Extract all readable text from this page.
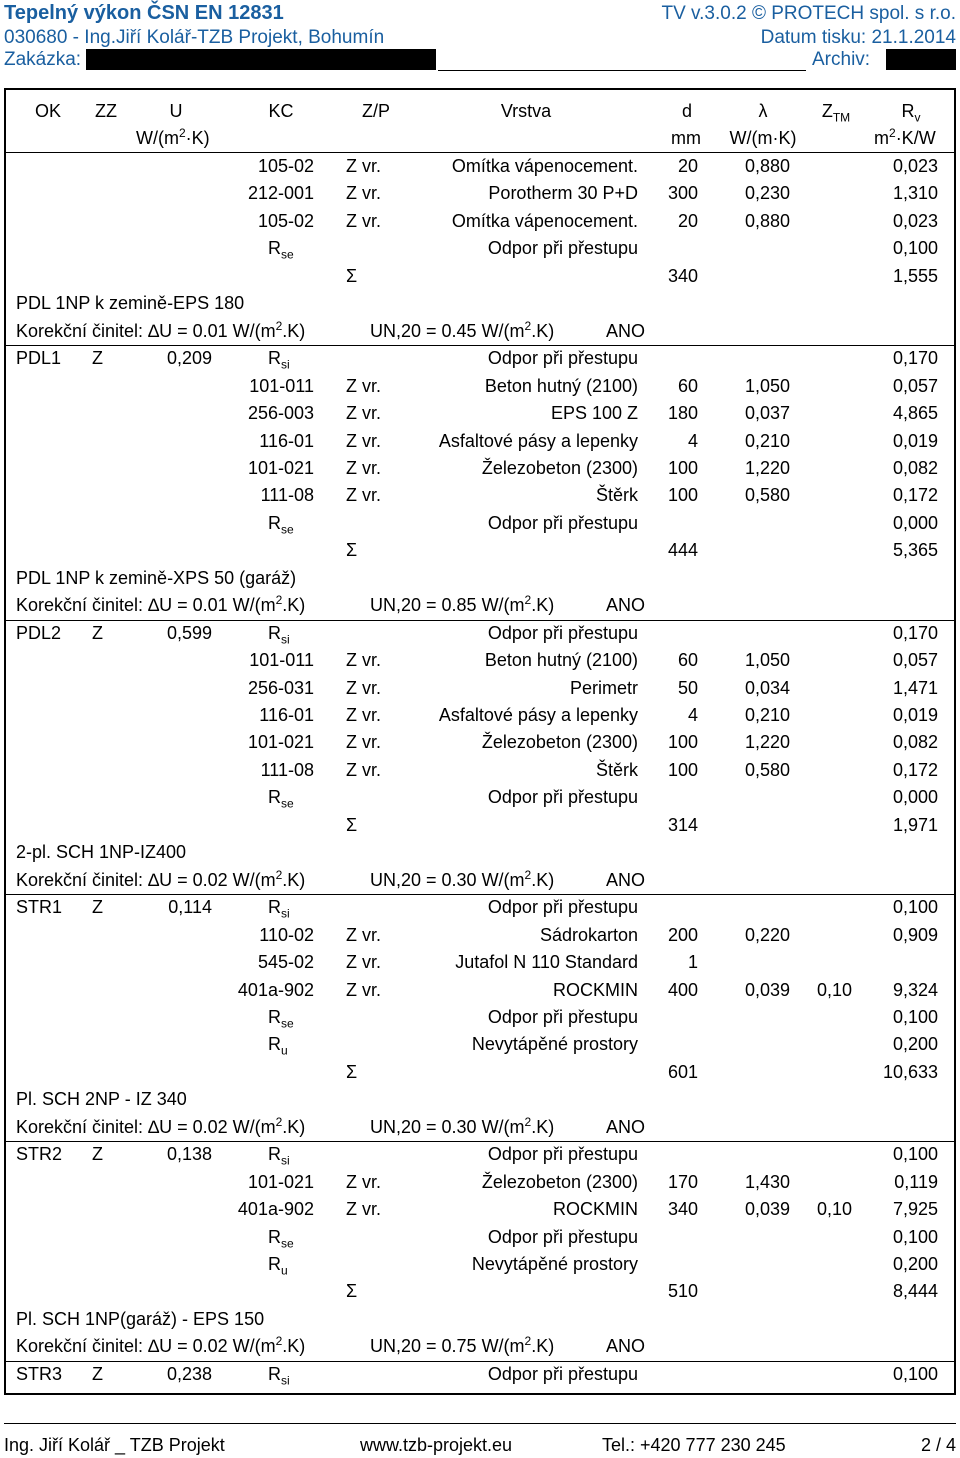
Tepelný výkon ČSN EN 12831	TV v.3.0.2 © PROTECH spol. s r.o.
030680 - Ing.Jiří Kolář-TZB Projekt, Bohumín	Datum tisku: 21.1.2014
Zakázka:	Archiv:
OK	ZZ	U	KC	Z/P	Vrstva	d	λ	$Z_{TM}$	$R_v$
$W/(m^2\cdot K)$	mm	W/(m·K)	$m^2\cdot K/W$
105-02 Z vr.	Omítka vápenocement.	20	0,880	0,023
212-001 Z vr.	Porotherm 30 P+D	300	0,230	1,310
105-02 Z vr.	Omítka vápenocement.	20	0,880	0,023
$R_{se}$	Odpor při přestupu	0,100
Σ	340	1,555
PDL 1NP k zemině-EPS 180
Korekční činitel: ∆U = 0.01 $W/(m^2.K)$	UN,20 = 0.45 $W/(m^2.K)$	ANO
PDL1 Z	0,209	$R_{si}$	Odpor při přestupu	0,170
101-011 Z vr.	Beton hutný (2100)	60	1,050	0,057
256-003 Z vr.	EPS 100 Z	180	0,037	4,865
116-01 Z vr.	Asfaltové pásy a lepenky	4	0,210	0,019
101-021 Z vr.	Železobeton (2300)	100	1,220	0,082
111-08 Z vr.	Štěrk	100	0,580	0,172
$R_{se}$	Odpor při přestupu	0,000
Σ	444	5,365
PDL 1NP k zemině-XPS 50 (garáž)
Korekční činitel: ∆U = 0.01 $W/(m^2.K)$	UN,20 = 0.85 $W/(m^2.K)$	ANO
PDL2 Z	0,599	$R_{si}$	Odpor při přestupu	0,170
101-011 Z vr.	Beton hutný (2100)	60	1,050	0,057
256-031 Z vr.	Perimetr	50	0,034	1,471
116-01 Z vr.	Asfaltové pásy a lepenky	4	0,210	0,019
101-021 Z vr.	Železobeton (2300)	100	1,220	0,082
111-08 Z vr.	Štěrk	100	0,580	0,172
$R_{se}$	Odpor při přestupu	0,000
Σ	314	1,971
2-pl. SCH 1NP-IZ400
Korekční činitel: ∆U = 0.02 $W/(m^2.K)$	UN,20 = 0.30 $W/(m^2.K)$	ANO
STR1 Z	0,114	$R_{si}$	Odpor při přestupu	0,100
110-02 Z vr.	Sádrokarton	200	0,220	0,909
545-02 Z vr.	Jutafol N 110 Standard	1
401a-902 Z vr.	ROCKMIN	400	0,039	0,10	9,324
$R_{se}$	Odpor při přestupu	0,100
$R_u$	Nevytápěné prostory	0,200
Σ	601	10,633
Pl. SCH 2NP - IZ 340
Korekční činitel: ∆U = 0.02 $W/(m^2.K)$	UN,20 = 0.30 $W/(m^2.K)$	ANO
STR2 Z	0,138	$R_{si}$	Odpor při přestupu	0,100
101-021 Z vr.	Železobeton (2300)	170	1,430	0,119
401a-902 Z vr.	ROCKMIN	340	0,039	0,10	7,925
$R_{se}$	Odpor při přestupu	0,100
$R_u$	Nevytápěné prostory	0,200
Σ	510	8,444
Pl. SCH 1NP(garáž) - EPS 150
Korekční činitel: ∆U = 0.02 $W/(m^2.K)$	UN,20 = 0.75 $W/(m^2.K)$	ANO
STR3 Z	0,238	$R_{si}$	Odpor při přestupu	0,100
Ing. Jiří Kolář _ TZB Projekt	www.tzb-projekt.eu	Tel.: +420 777 230 245	2 / 4
